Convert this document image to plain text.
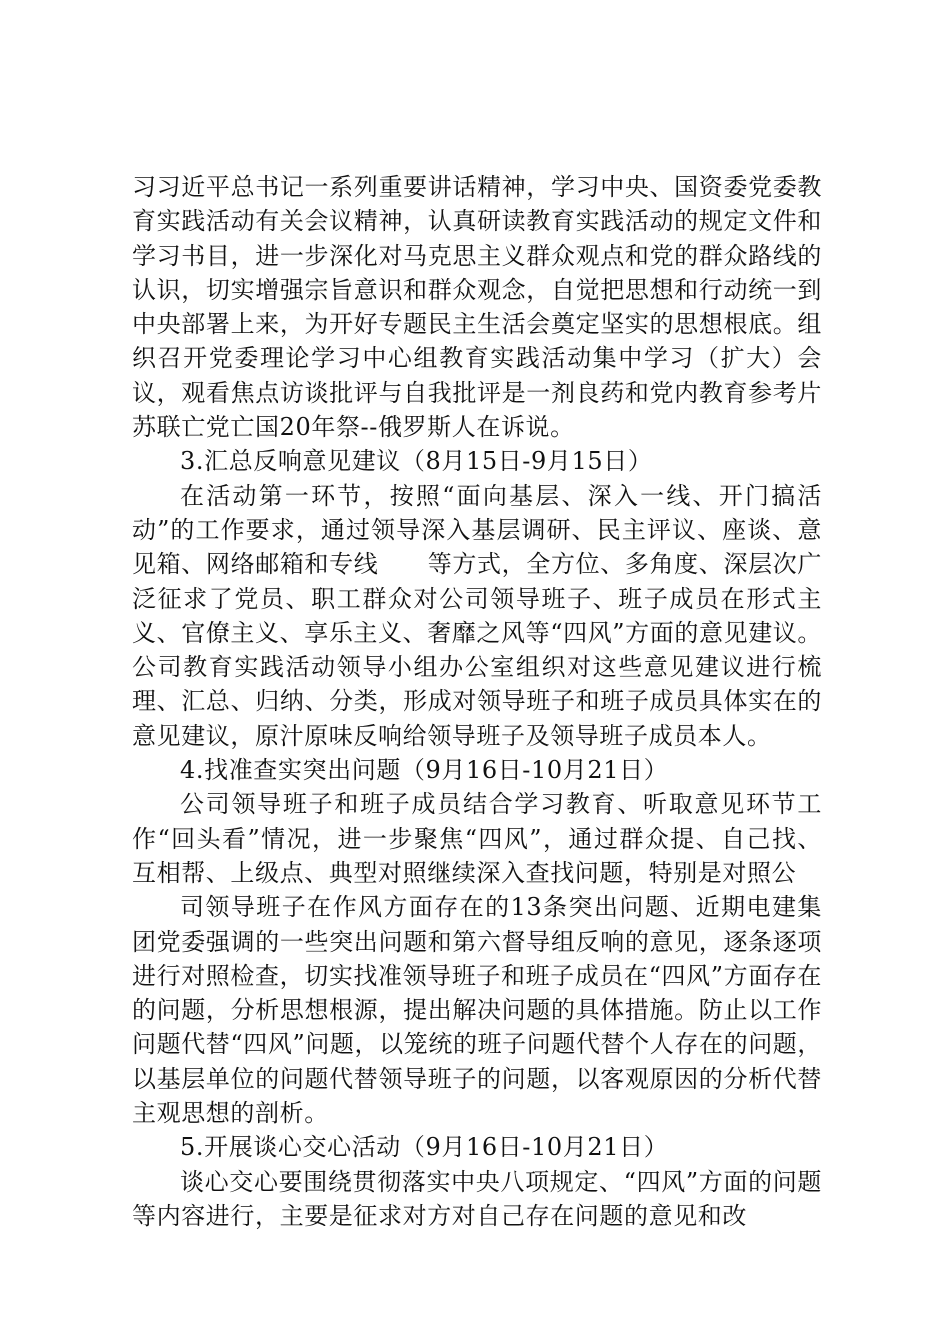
习习近平总书记一系列重要讲话精神，学习中央、国资委党委教育实践活动有关会议精神，认真研读教育实践活动的规定文件和学习书目，进一步深化对马克思主义群众观点和党的群众路线的认识，切实增强宗旨意识和群众观念，自觉把思想和行动统一到中央部署上来，为开好专题民主生活会奠定坚实的思想根底。组织召开党委理论学习中心组教育实践活动集中学习（扩大）会议，观看焦点访谈批评与自我批评是一剂良药和党内教育参考片苏联亡党亡国20年祭--俄罗斯人在诉说。

3.汇总反响意见建议（8月15日-9月15日）

在活动第一环节，按照“面向基层、深入一线、开门搞活动”的工作要求，通过领导深入基层调研、民主评议、座谈、意见箱、网络邮箱和专线　　等方式，全方位、多角度、深层次广泛征求了党员、职工群众对公司领导班子、班子成员在形式主义、官僚主义、享乐主义、奢靡之风等“四风”方面的意见建议。公司教育实践活动领导小组办公室组织对这些意见建议进行梳理、汇总、归纳、分类，形成对领导班子和班子成员具体实在的意见建议，原汁原味反响给领导班子及领导班子成员本人。

4.找准查实突出问题（9月16日-10月21日）

公司领导班子和班子成员结合学习教育、听取意见环节工作“回头看”情况，进一步聚焦“四风”，通过群众提、自己找、互相帮、上级点、典型对照继续深入查找问题，特别是对照公

司领导班子在作风方面存在的13条突出问题、近期电建集团党委强调的一些突出问题和第六督导组反响的意见，逐条逐项进行对照检查，切实找准领导班子和班子成员在“四风”方面存在的问题，分析思想根源，提出解决问题的具体措施。防止以工作问题代替“四风”问题，以笼统的班子问题代替个人存在的问题，以基层单位的问题代替领导班子的问题，以客观原因的分析代替主观思想的剖析。

5.开展谈心交心活动（9月16日-10月21日）

谈心交心要围绕贯彻落实中央八项规定、“四风”方面的问题等内容进行，主要是征求对方对自己存在问题的意见和改
